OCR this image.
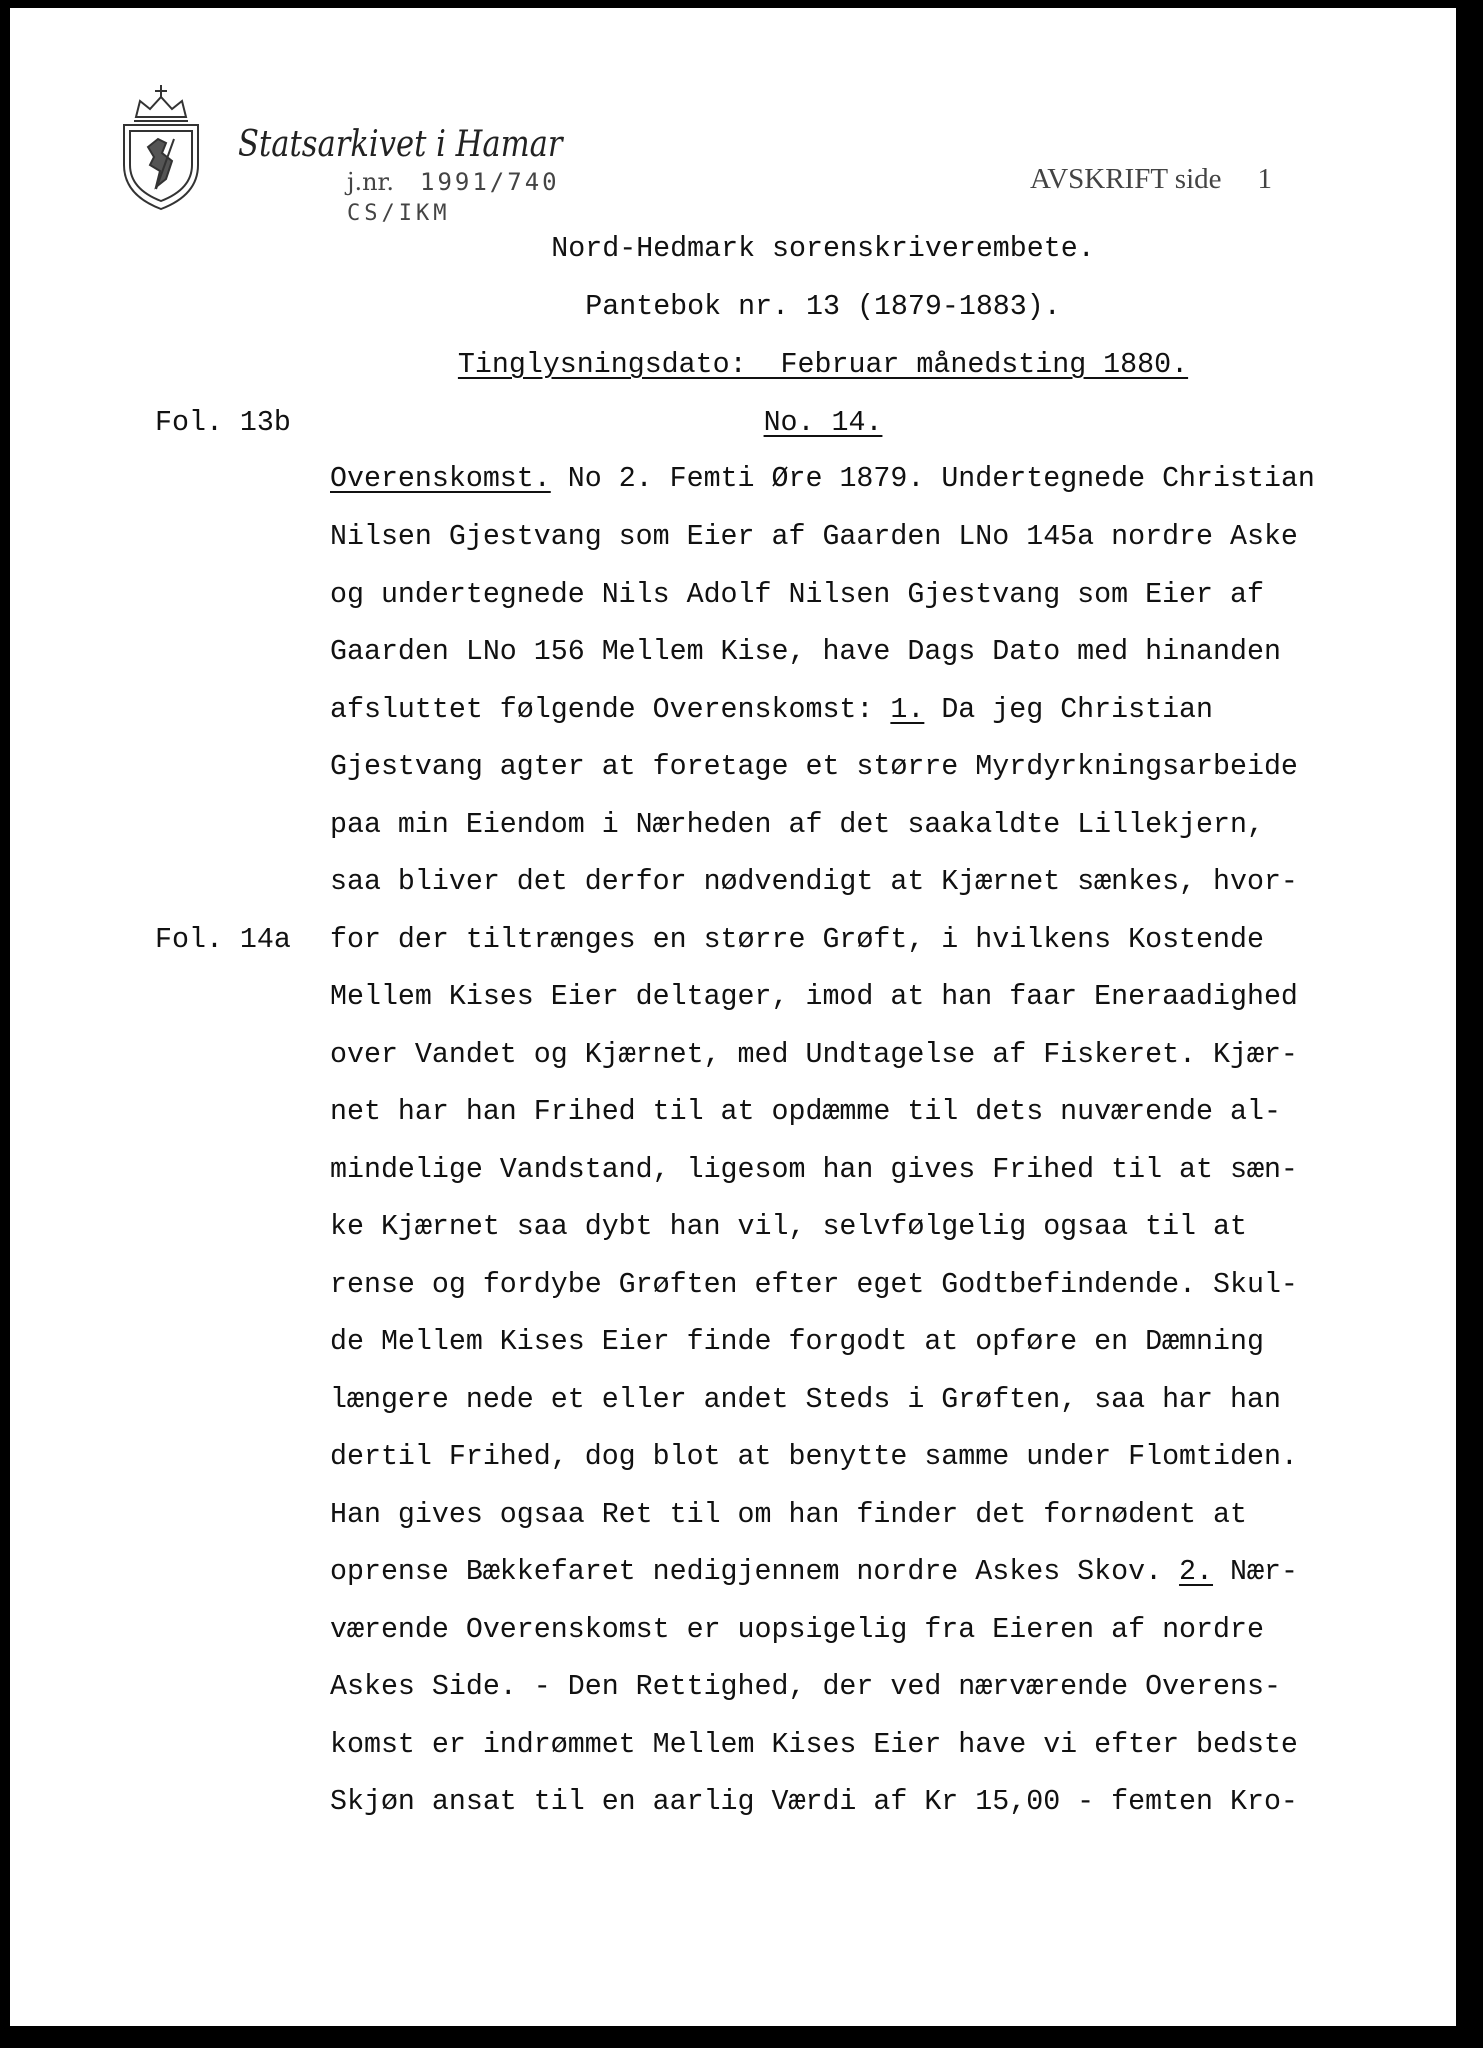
Statsarkivet i Hamar
j.nr. 1991/740
CS/IKM
AVSKRIFT side 1
Nord-Hedmark sorenskriverembete.
Pantebok nr. 13 (1879-1883).
Tinglysningsdato:  Februar månedsting 1880.
Fol. 13b	No. 14.
Overenskomst. No 2. Femti Øre 1879. Undertegnede Christian
Nilsen Gjestvang som Eier af Gaarden LNo 145a nordre Aske
og undertegnede Nils Adolf Nilsen Gjestvang som Eier af
Gaarden LNo 156 Mellem Kise, have Dags Dato med hinanden
afsluttet følgende Overenskomst: 1. Da jeg Christian
Gjestvang agter at foretage et større Myrdyrkningsarbeide
paa min Eiendom i Nærheden af det saakaldte Lillekjern,
saa bliver det derfor nødvendigt at Kjærnet sænkes, hvor-
Fol. 14a for der tiltrænges en større Grøft, i hvilkens Kostende
Mellem Kises Eier deltager, imod at han faar Eneraadighed
over Vandet og Kjærnet, med Undtagelse af Fiskeret. Kjær-
net har han Frihed til at opdæmme til dets nuværende al-
mindelige Vandstand, ligesom han gives Frihed til at sæn-
ke Kjærnet saa dybt han vil, selvfølgelig ogsaa til at
rense og fordybe Grøften efter eget Godtbefindende. Skul-
de Mellem Kises Eier finde forgodt at opføre en Dæmning
længere nede et eller andet Steds i Grøften, saa har han
dertil Frihed, dog blot at benytte samme under Flomtiden.
Han gives ogsaa Ret til om han finder det fornødent at
oprense Bækkefaret nedigjennem nordre Askes Skov. 2. Nær-
værende Overenskomst er uopsigelig fra Eieren af nordre
Askes Side. - Den Rettighed, der ved nærværende Overens-
komst er indrømmet Mellem Kises Eier have vi efter bedste
Skjøn ansat til en aarlig Værdi af Kr 15,00 - femten Kro-
